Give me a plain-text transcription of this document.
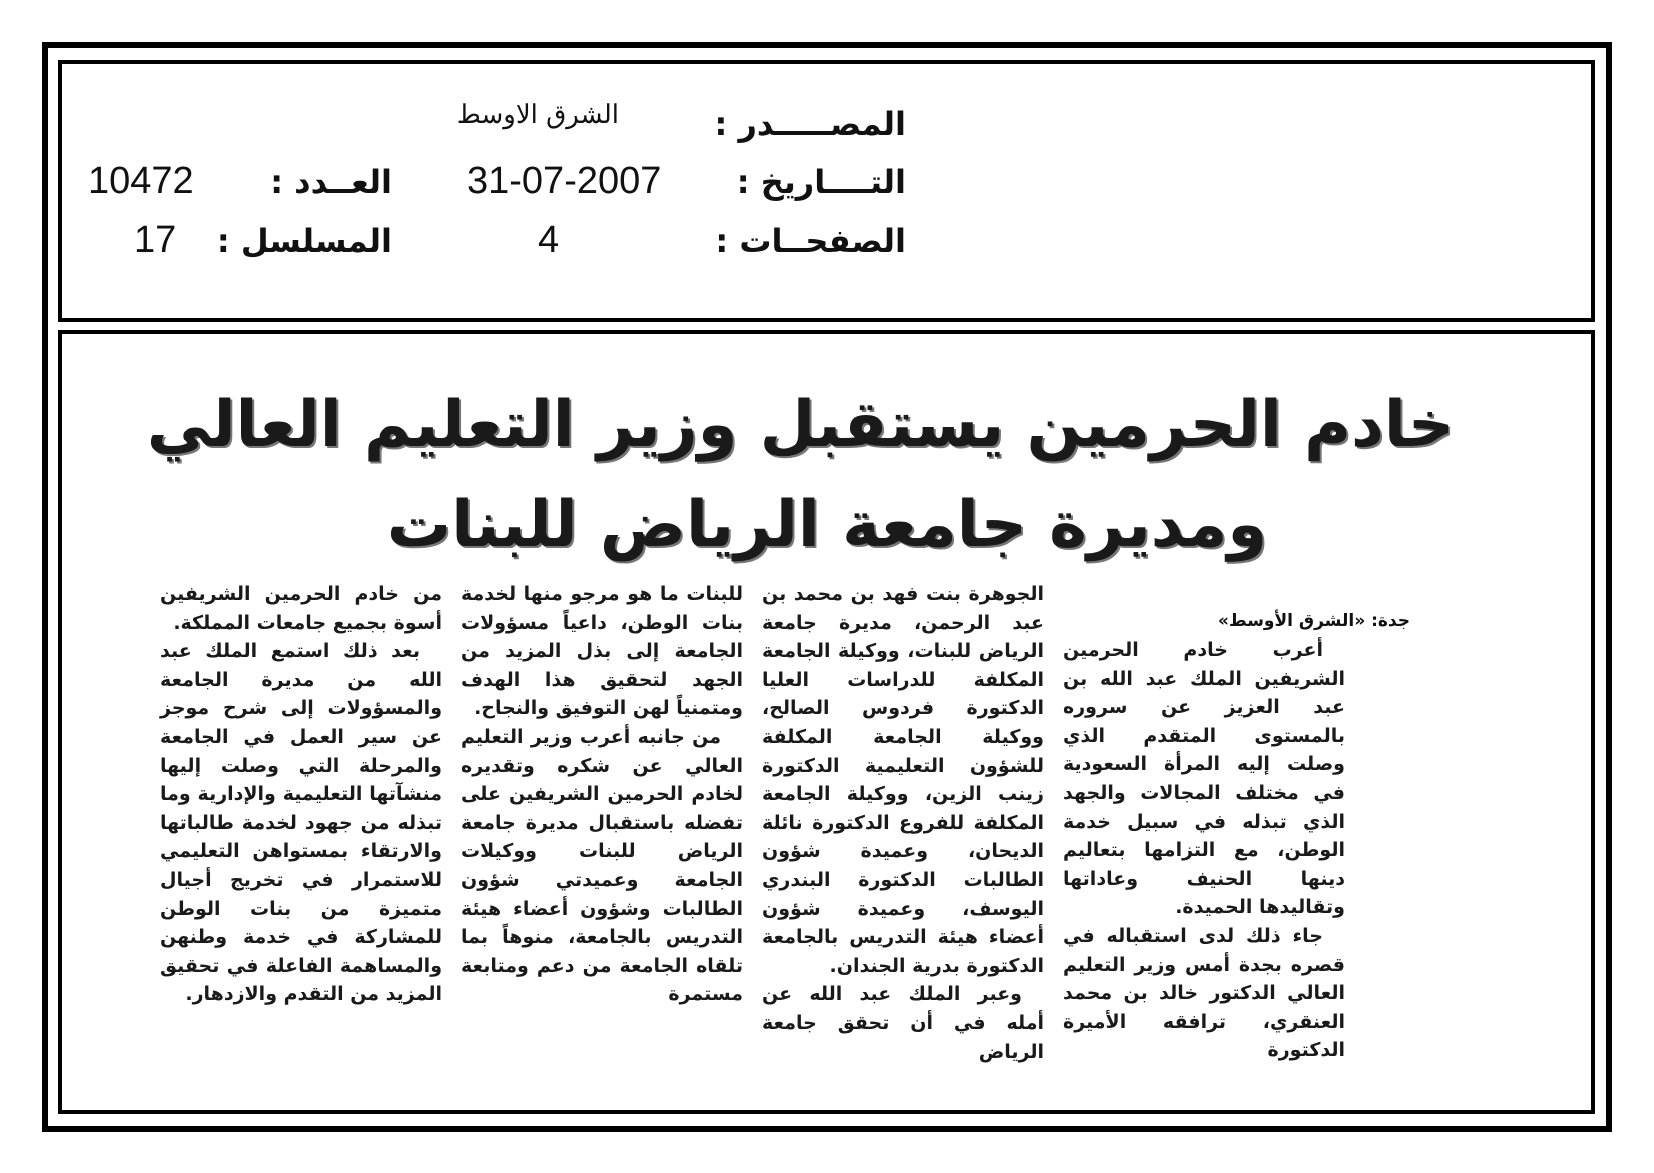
المصـــــدر :
الشرق الاوسط
التــــاريخ :
31-07-2007
العــدد :
10472
الصفحــات :
4
المسلسل :
17
خادم الحرمين يستقبل وزير التعليم العالي
ومديرة جامعة الرياض للبنات
جدة: «الشرق الأوسط»

أعرب خادم الحرمين الشريفين الملك عبد الله بن عبد العزيز عن سروره بالمستوى المتقدم الذي وصلت إليه المرأة السعودية في مختلف المجالات والجهد الذي تبذله في سبيل خدمة الوطن، مع التزامها بتعاليم دينها الحنيف وعاداتها وتقاليدها الحميدة.

جاء ذلك لدى استقباله في قصره بجدة أمس وزير التعليم العالي الدكتور خالد بن محمد العنقري، ترافقه الأميرة الدكتورة

الجوهرة بنت فهد بن محمد بن عبد الرحمن، مديرة جامعة الرياض للبنات، ووكيلة الجامعة المكلفة للدراسات العليا الدكتورة فردوس الصالح، ووكيلة الجامعة المكلفة للشؤون التعليمية الدكتورة زينب الزين، ووكيلة الجامعة المكلفة للفروع الدكتورة نائلة الديحان، وعميدة شؤون الطالبات الدكتورة البندري اليوسف، وعميدة شؤون أعضاء هيئة التدريس بالجامعة الدكتورة بدرية الجندان.

وعبر الملك عبد الله عن أمله في أن تحقق جامعة الرياض

للبنات ما هو مرجو منها لخدمة بنات الوطن، داعياً مسؤولات الجامعة إلى بذل المزيد من الجهد لتحقيق هذا الهدف ومتمنياً لهن التوفيق والنجاح.

من جانبه أعرب وزير التعليم العالي عن شكره وتقديره لخادم الحرمين الشريفين على تفضله باستقبال مديرة جامعة الرياض للبنات ووكيلات الجامعة وعميدتي شؤون الطالبات وشؤون أعضاء هيئة التدريس بالجامعة، منوهاً بما تلقاه الجامعة من دعم ومتابعة مستمرة

من خادم الحرمين الشريفين أسوة بجميع جامعات المملكة.

بعد ذلك استمع الملك عبد الله من مديرة الجامعة والمسؤولات إلى شرح موجز عن سير العمل في الجامعة والمرحلة التي وصلت إليها منشآتها التعليمية والإدارية وما تبذله من جهود لخدمة طالباتها والارتقاء بمستواهن التعليمي للاستمرار في تخريج أجيال متميزة من بنات الوطن للمشاركة في خدمة وطنهن والمساهمة الفاعلة في تحقيق المزيد من التقدم والازدهار.
